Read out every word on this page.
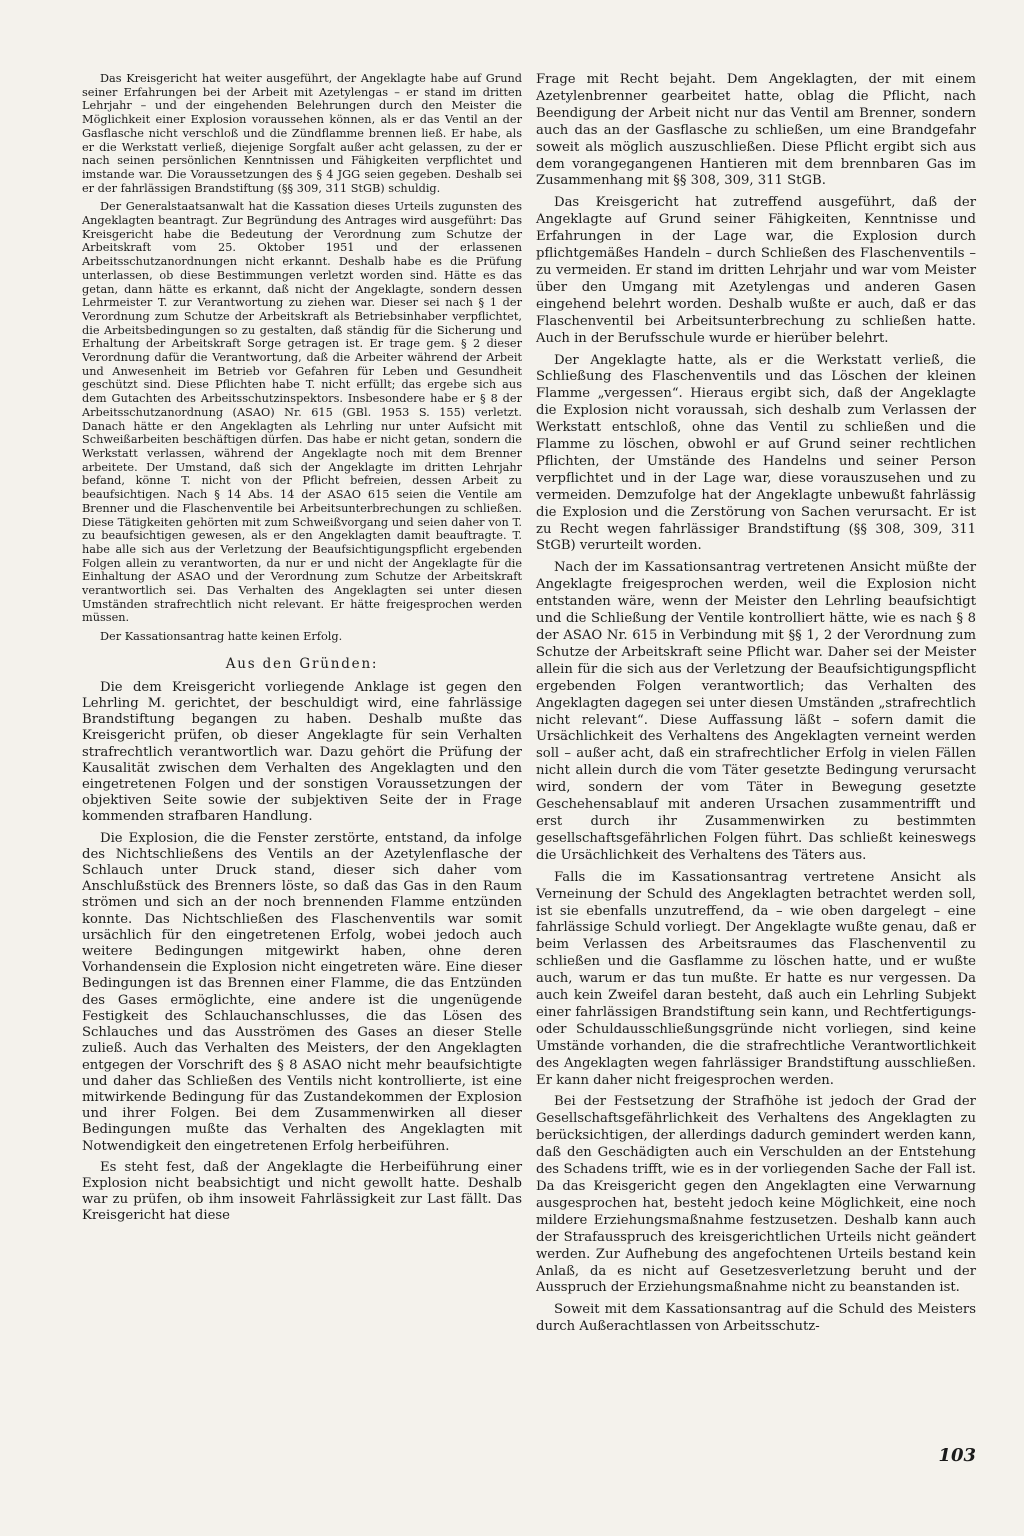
Das Kreisgericht hat weiter ausgeführt, der Angeklagte habe auf Grund seiner Erfahrungen bei der Arbeit mit Azetylengas – er stand im dritten Lehrjahr – und der eingehenden Belehrungen durch den Meister die Möglichkeit einer Explosion voraussehen können, als er das Ventil an der Gasflasche nicht verschloß und die Zündflamme brennen ließ. Er habe, als er die Werkstatt verließ, diejenige Sorgfalt außer acht gelassen, zu der er nach seinen persönlichen Kenntnissen und Fähigkeiten verpflichtet und imstande war. Die Voraussetzungen des § 4 JGG seien gegeben. Deshalb sei er der fahrlässigen Brandstiftung (§§ 309, 311 StGB) schuldig.

Der Generalstaatsanwalt hat die Kassation dieses Urteils zugunsten des Angeklagten beantragt. Zur Begründung des Antrages wird ausgeführt: Das Kreisgericht habe die Bedeutung der Verordnung zum Schutze der Arbeitskraft vom 25. Oktober 1951 und der erlassenen Arbeitsschutzanordnungen nicht erkannt. Deshalb habe es die Prüfung unterlassen, ob diese Bestimmungen verletzt worden sind. Hätte es das getan, dann hätte es erkannt, daß nicht der Angeklagte, sondern dessen Lehrmeister T. zur Verantwortung zu ziehen war. Dieser sei nach § 1 der Verordnung zum Schutze der Arbeitskraft als Betriebsinhaber verpflichtet, die Arbeitsbedingungen so zu gestalten, daß ständig für die Sicherung und Erhaltung der Arbeitskraft Sorge getragen ist. Er trage gem. § 2 dieser Verordnung dafür die Verantwortung, daß die Arbeiter während der Arbeit und Anwesenheit im Betrieb vor Gefahren für Leben und Gesundheit geschützt sind. Diese Pflichten habe T. nicht erfüllt; das ergebe sich aus dem Gutachten des Arbeitsschutzinspektors. Insbesondere habe er § 8 der Arbeitsschutzanordnung (ASAO) Nr. 615 (GBl. 1953 S. 155) verletzt. Danach hätte er den Angeklagten als Lehrling nur unter Aufsicht mit Schweißarbeiten beschäftigen dürfen. Das habe er nicht getan, sondern die Werkstatt verlassen, während der Angeklagte noch mit dem Brenner arbeitete. Der Umstand, daß sich der Angeklagte im dritten Lehrjahr befand, könne T. nicht von der Pflicht befreien, dessen Arbeit zu beaufsichtigen. Nach § 14 Abs. 14 der ASAO 615 seien die Ventile am Brenner und die Flaschenventile bei Arbeitsunterbrechungen zu schließen. Diese Tätigkeiten gehörten mit zum Schweißvorgang und seien daher von T. zu beaufsichtigen gewesen, als er den Angeklagten damit beauftragte. T. habe alle sich aus der Verletzung der Beaufsichtigungspflicht ergebenden Folgen allein zu verantworten, da nur er und nicht der Angeklagte für die Einhaltung der ASAO und der Verordnung zum Schutze der Arbeitskraft verantwortlich sei. Das Verhalten des Angeklagten sei unter diesen Umständen strafrechtlich nicht relevant. Er hätte freigesprochen werden müssen.

Der Kassationsantrag hatte keinen Erfolg.

Aus den Gründen:

Die dem Kreisgericht vorliegende Anklage ist gegen den Lehrling M. gerichtet, der beschuldigt wird, eine fahrlässige Brandstiftung begangen zu haben. Deshalb mußte das Kreisgericht prüfen, ob dieser Angeklagte für sein Verhalten strafrechtlich verantwortlich war. Dazu gehört die Prüfung der Kausalität zwischen dem Verhalten des Angeklagten und den eingetretenen Folgen und der sonstigen Voraussetzungen der objektiven Seite sowie der subjektiven Seite der in Frage kommenden strafbaren Handlung.

Die Explosion, die die Fenster zerstörte, entstand, da infolge des Nichtschließens des Ventils an der Azetylenflasche der Schlauch unter Druck stand, dieser sich daher vom Anschlußstück des Brenners löste, so daß das Gas in den Raum strömen und sich an der noch brennenden Flamme entzünden konnte. Das Nichtschließen des Flaschenventils war somit ursächlich für den eingetretenen Erfolg, wobei jedoch auch weitere Bedingungen mitgewirkt haben, ohne deren Vorhandensein die Explosion nicht eingetreten wäre. Eine dieser Bedingungen ist das Brennen einer Flamme, die das Entzünden des Gases ermöglichte, eine andere ist die ungenügende Festigkeit des Schlauchanschlusses, die das Lösen des Schlauches und das Ausströmen des Gases an dieser Stelle zuließ. Auch das Verhalten des Meisters, der den Angeklagten entgegen der Vorschrift des § 8 ASAO nicht mehr beaufsichtigte und daher das Schließen des Ventils nicht kontrollierte, ist eine mitwirkende Bedingung für das Zustandekommen der Explosion und ihrer Folgen. Bei dem Zusammenwirken all dieser Bedingungen mußte das Verhalten des Angeklagten mit Notwendigkeit den eingetretenen Erfolg herbeiführen.

Es steht fest, daß der Angeklagte die Herbeiführung einer Explosion nicht beabsichtigt und nicht gewollt hatte. Deshalb war zu prüfen, ob ihm insoweit Fahrlässigkeit zur Last fällt. Das Kreisgericht hat diese

Frage mit Recht bejaht. Dem Angeklagten, der mit einem Azetylenbrenner gearbeitet hatte, oblag die Pflicht, nach Beendigung der Arbeit nicht nur das Ventil am Brenner, sondern auch das an der Gasflasche zu schließen, um eine Brandgefahr soweit als möglich auszuschließen. Diese Pflicht ergibt sich aus dem vorangegangenen Hantieren mit dem brennbaren Gas im Zusammenhang mit §§ 308, 309, 311 StGB.

Das Kreisgericht hat zutreffend ausgeführt, daß der Angeklagte auf Grund seiner Fähigkeiten, Kenntnisse und Erfahrungen in der Lage war, die Explosion durch pflichtgemäßes Handeln – durch Schließen des Flaschenventils – zu vermeiden. Er stand im dritten Lehrjahr und war vom Meister über den Umgang mit Azetylengas und anderen Gasen eingehend belehrt worden. Deshalb wußte er auch, daß er das Flaschenventil bei Arbeitsunterbrechung zu schließen hatte. Auch in der Berufsschule wurde er hierüber belehrt.

Der Angeklagte hatte, als er die Werkstatt verließ, die Schließung des Flaschenventils und das Löschen der kleinen Flamme „vergessen“. Hieraus ergibt sich, daß der Angeklagte die Explosion nicht voraussah, sich deshalb zum Verlassen der Werkstatt entschloß, ohne das Ventil zu schließen und die Flamme zu löschen, obwohl er auf Grund seiner rechtlichen Pflichten, der Umstände des Handelns und seiner Person verpflichtet und in der Lage war, diese vorauszusehen und zu vermeiden. Demzufolge hat der Angeklagte unbewußt fahrlässig die Explosion und die Zerstörung von Sachen verursacht. Er ist zu Recht wegen fahrlässiger Brandstiftung (§§ 308, 309, 311 StGB) verurteilt worden.

Nach der im Kassationsantrag vertretenen Ansicht müßte der Angeklagte freigesprochen werden, weil die Explosion nicht entstanden wäre, wenn der Meister den Lehrling beaufsichtigt und die Schließung der Ventile kontrolliert hätte, wie es nach § 8 der ASAO Nr. 615 in Verbindung mit §§ 1, 2 der Verordnung zum Schutze der Arbeitskraft seine Pflicht war. Daher sei der Meister allein für die sich aus der Verletzung der Beaufsichtigungspflicht ergebenden Folgen verantwortlich; das Verhalten des Angeklagten dagegen sei unter diesen Umständen „strafrechtlich nicht relevant“. Diese Auffassung läßt – sofern damit die Ursächlichkeit des Verhaltens des Angeklagten verneint werden soll – außer acht, daß ein strafrechtlicher Erfolg in vielen Fällen nicht allein durch die vom Täter gesetzte Bedingung verursacht wird, sondern der vom Täter in Bewegung gesetzte Geschehensablauf mit anderen Ursachen zusammentrifft und erst durch ihr Zusammenwirken zu bestimmten gesellschaftsgefährlichen Folgen führt. Das schließt keineswegs die Ursächlichkeit des Verhaltens des Täters aus.

Falls die im Kassationsantrag vertretene Ansicht als Verneinung der Schuld des Angeklagten betrachtet werden soll, ist sie ebenfalls unzutreffend, da – wie oben dargelegt – eine fahrlässige Schuld vorliegt. Der Angeklagte wußte genau, daß er beim Verlassen des Arbeitsraumes das Flaschenventil zu schließen und die Gasflamme zu löschen hatte, und er wußte auch, warum er das tun mußte. Er hatte es nur vergessen. Da auch kein Zweifel daran besteht, daß auch ein Lehrling Subjekt einer fahrlässigen Brandstiftung sein kann, und Rechtfertigungs- oder Schuldausschließungsgründe nicht vorliegen, sind keine Umstände vorhanden, die die strafrechtliche Verantwortlichkeit des Angeklagten wegen fahrlässiger Brandstiftung ausschließen. Er kann daher nicht freigesprochen werden.

Bei der Festsetzung der Strafhöhe ist jedoch der Grad der Gesellschaftsgefährlichkeit des Verhaltens des Angeklagten zu berücksichtigen, der allerdings dadurch gemindert werden kann, daß den Geschädigten auch ein Verschulden an der Entstehung des Schadens trifft, wie es in der vorliegenden Sache der Fall ist. Da das Kreisgericht gegen den Angeklagten eine Verwarnung ausgesprochen hat, besteht jedoch keine Möglichkeit, eine noch mildere Erziehungsmaßnahme festzusetzen. Deshalb kann auch der Strafausspruch des kreisgerichtlichen Urteils nicht geändert werden. Zur Aufhebung des angefochtenen Urteils bestand kein Anlaß, da es nicht auf Gesetzesverletzung beruht und der Ausspruch der Erziehungsmaßnahme nicht zu beanstanden ist.

Soweit mit dem Kassationsantrag auf die Schuld des Meisters durch Außerachtlassen von Arbeitsschutz-

103
